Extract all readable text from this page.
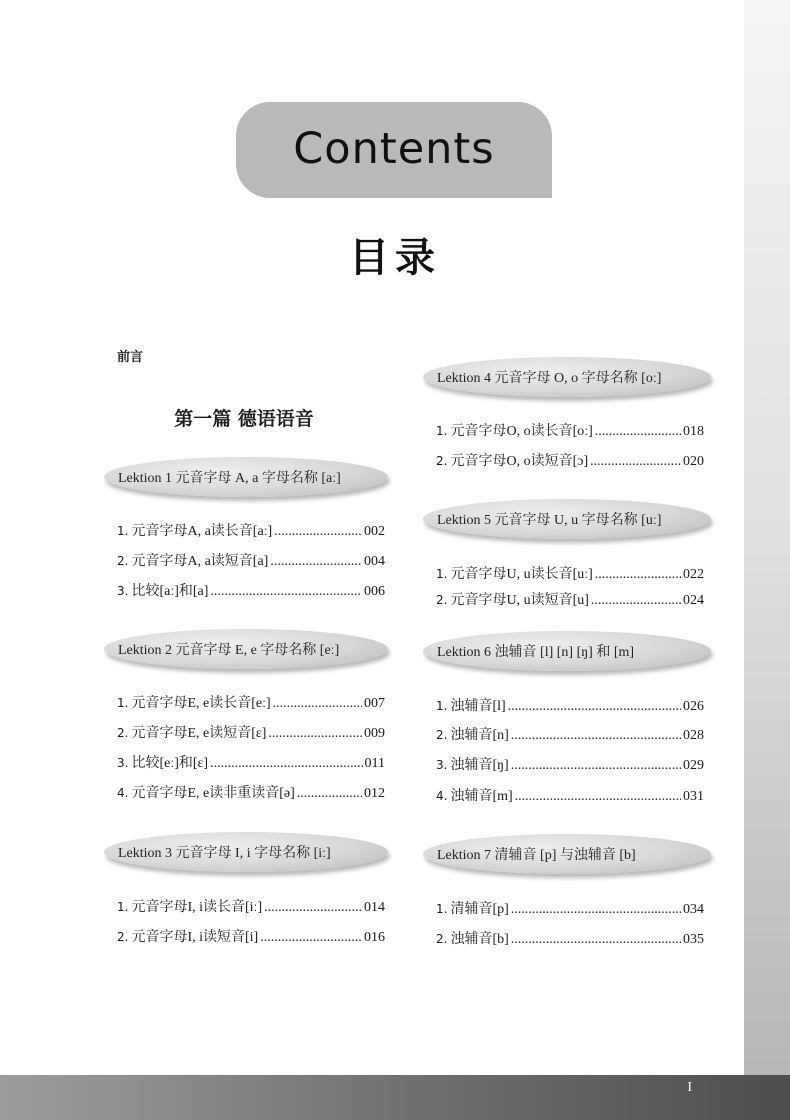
I
Contents
目录
前言
第一篇 德语语音
Lektion 1 元音字母 A, a 字母名称 [aː]
1. 元音字母A, a读长音[aː] .....	002
2. 元音字母A, a读短音[a] .....	004
3. 比较[aː]和[a] .....	006
Lektion 2 元音字母 E, e 字母名称 [eː]
1. 元音字母E, e读长音[eː] .....	007
2. 元音字母E, e读短音[ɛ] .....	009
3. 比较[eː]和[ɛ] .....	011
4. 元音字母E, e读非重读音[ə] .....	012
Lektion 3 元音字母 I, i 字母名称 [iː]
1. 元音字母I, i读长音[iː] .....	014
2. 元音字母I, i读短音[i] .....	016
Lektion 4 元音字母 O, o 字母名称 [oː]
1. 元音字母O, o读长音[oː] .....	018
2. 元音字母O, o读短音[ɔ] .....	020
Lektion 5 元音字母 U, u 字母名称 [uː]
1. 元音字母U, u读长音[uː] .....	022
2. 元音字母U, u读短音[u] .....	024
Lektion 6 浊辅音 [l] [n] [ŋ] 和 [m]
1. 浊辅音[l] .....	026
2. 浊辅音[n] .....	028
3. 浊辅音[ŋ] .....	029
4. 浊辅音[m] .....	031
Lektion 7 清辅音 [p] 与浊辅音 [b]
1. 清辅音[p] .....	034
2. 浊辅音[b] .....	035
